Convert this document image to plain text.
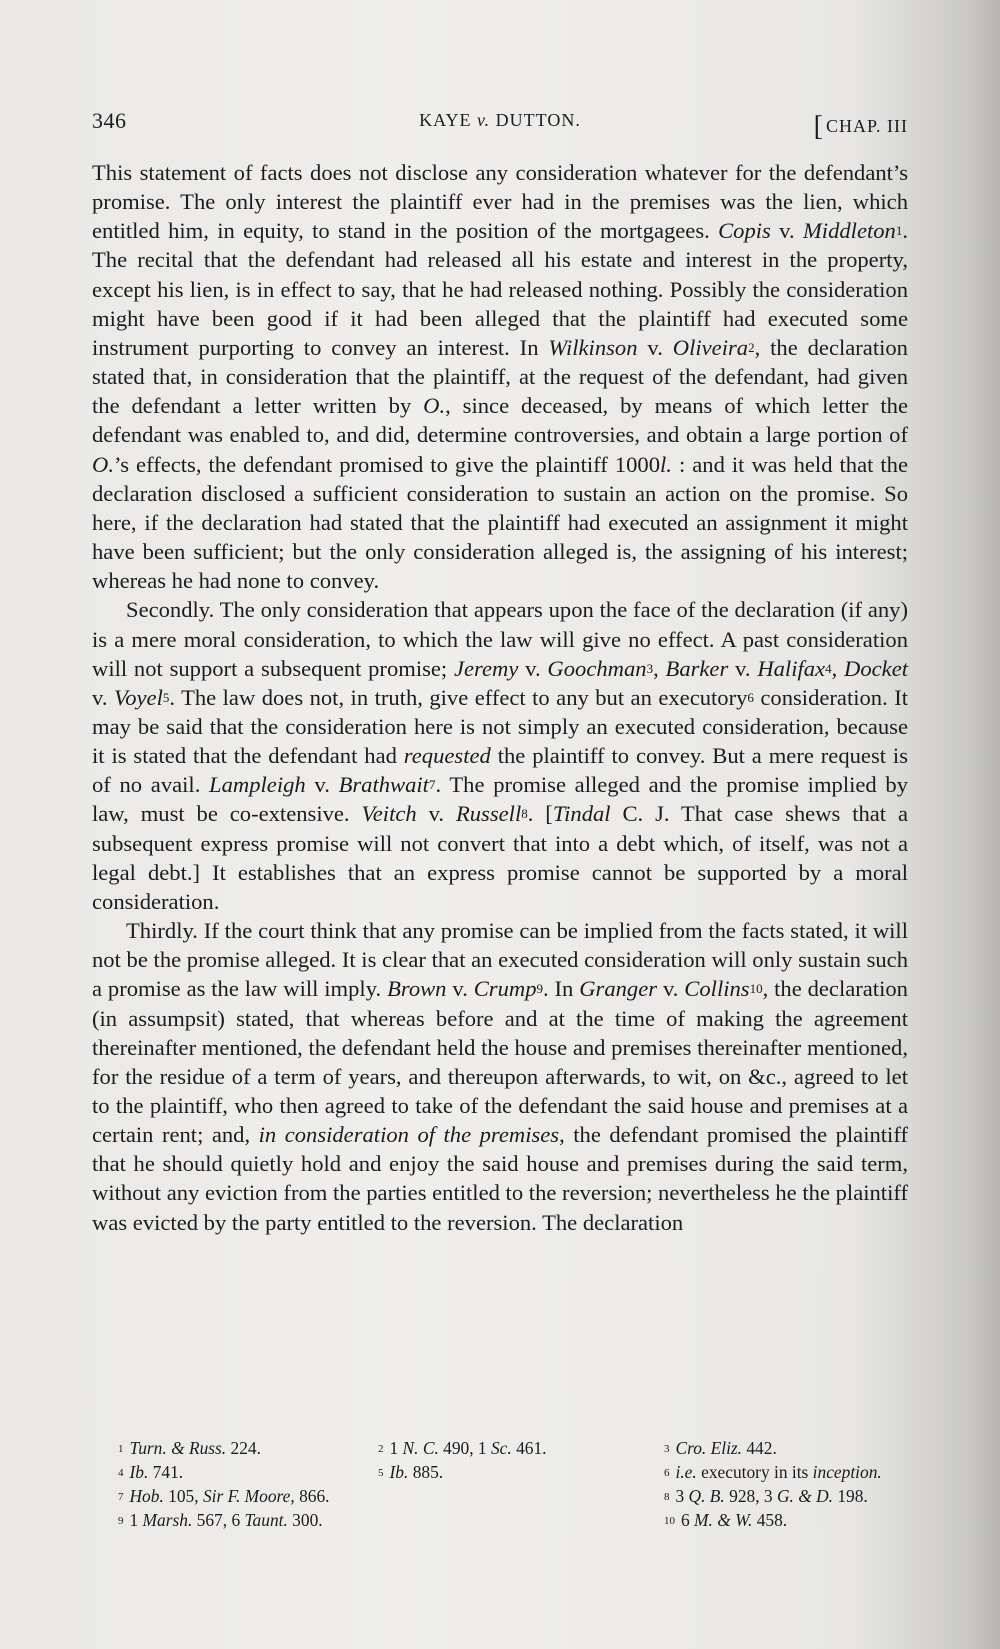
346	KAYE v. DUTTON.	[ CHAP. III

This statement of facts does not disclose any consideration whatever for the defendant’s promise. The only interest the plaintiff ever had in the premises was the lien, which entitled him, in equity, to stand in the position of the mortgagees. Copis v. Middleton$^1$. The recital that the defendant had released all his estate and interest in the property, except his lien, is in effect to say, that he had released nothing. Possibly the consideration might have been good if it had been alleged that the plaintiff had executed some instrument purporting to convey an interest. In Wilkinson v. Oliveira$^2$, the declaration stated that, in consideration that the plaintiff, at the request of the defendant, had given the defendant a letter written by O., since deceased, by means of which letter the defendant was enabled to, and did, determine controversies, and obtain a large portion of O.’s effects, the defendant promised to give the plaintiff 1000l. : and it was held that the declaration disclosed a sufficient consideration to sustain an action on the promise. So here, if the declaration had stated that the plaintiff had executed an assignment it might have been sufficient; but the only consideration alleged is, the assigning of his interest; whereas he had none to convey.

Secondly. The only consideration that appears upon the face of the declaration (if any) is a mere moral consideration, to which the law will give no effect. A past consideration will not support a subsequent promise; Jeremy v. Goochman$^3$, Barker v. Halifax$^4$, Docket v. Voyel$^5$. The law does not, in truth, give effect to any but an executory$^6$ consideration. It may be said that the consideration here is not simply an executed consideration, because it is stated that the defendant had requested the plaintiff to convey. But a mere request is of no avail. Lampleigh v. Brathwait$^7$. The promise alleged and the promise implied by law, must be co-extensive. Veitch v. Russell$^8$. [Tindal C. J. That case shews that a subsequent express promise will not convert that into a debt which, of itself, was not a legal debt.] It establishes that an express promise cannot be supported by a moral consideration.

Thirdly. If the court think that any promise can be implied from the facts stated, it will not be the promise alleged. It is clear that an executed consideration will only sustain such a promise as the law will imply. Brown v. Crump$^9$. In Granger v. Collins$^{10}$, the declaration (in assumpsit) stated, that whereas before and at the time of making the agreement thereinafter mentioned, the defendant held the house and premises thereinafter mentioned, for the residue of a term of years, and thereupon afterwards, to wit, on &c., agreed to let to the plaintiff, who then agreed to take of the defendant the said house and premises at a certain rent; and, in consideration of the premises, the defendant promised the plaintiff that he should quietly hold and enjoy the said house and premises during the said term, without any eviction from the parties entitled to the reversion; nevertheless he the plaintiff was evicted by the party entitled to the reversion. The declaration

$^1$ Turn. & Russ. 224.	$^2$ 1 N. C. 490, 1 Sc. 461.	$^3$ Cro. Eliz. 442.
$^4$ Ib. 741.	$^5$ Ib. 885.	$^6$ i.e. executory in its inception.
$^7$ Hob. 105, Sir F. Moore, 866.	$^8$ 3 Q. B. 928, 3 G. & D. 198.
$^9$ 1 Marsh. 567, 6 Taunt. 300.	$^{10}$ 6 M. & W. 458.
